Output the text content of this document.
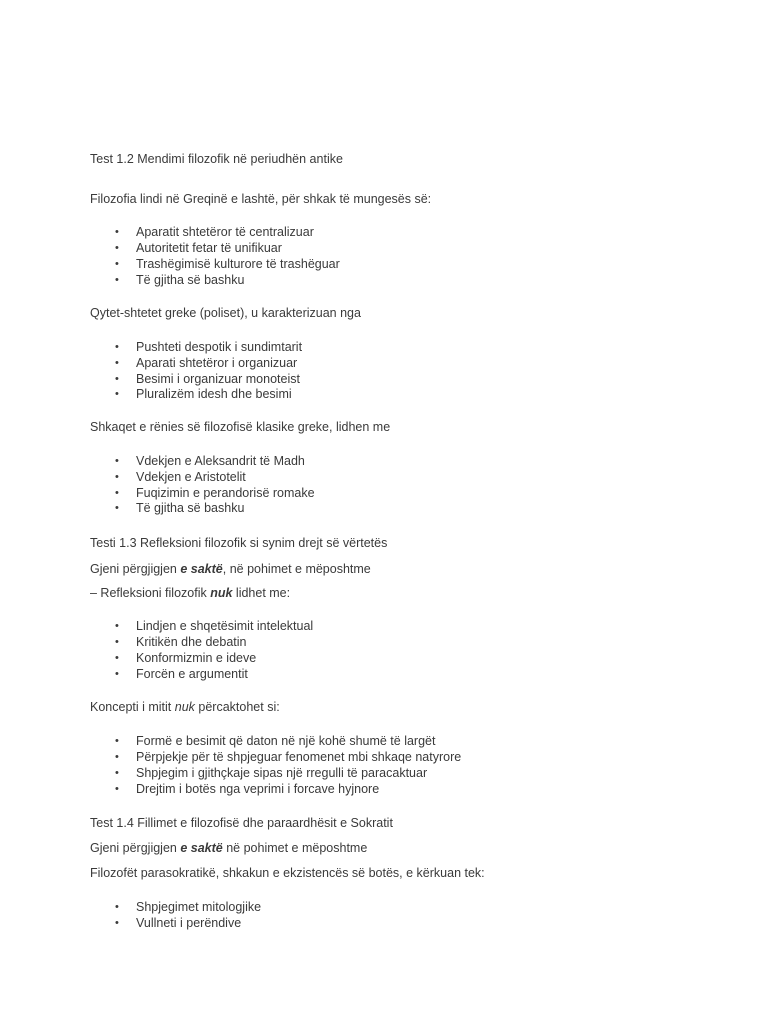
Test 1.2 Mendimi filozofik në periudhën antike
Filozofia lindi në Greqinë e lashtë, për shkak të mungesës së:
• Aparatit shtetëror të centralizuar
• Autoritetit fetar të unifikuar
• Trashëgimisë kulturore të trashëguar
• Të gjitha së bashku
Qytet-shtetet greke (poliset), u karakterizuan nga
• Pushteti despotik i sundimtarit
• Aparati shtetëror i organizuar
• Besimi i organizuar monoteist
• Pluralizëm idesh dhe besimi
Shkaqet e rënies së filozofisë klasike greke, lidhen me
• Vdekjen e Aleksandrit të Madh
• Vdekjen e Aristotelit
• Fuqizimin e perandorisë romake
• Të gjitha së bashku
Testi 1.3 Refleksioni filozofik si synim drejt së vërtetës
Gjeni përgjigjen e saktë, në pohimet e mëposhtme
– Refleksioni filozofik nuk lidhet me:
• Lindjen e shqetësimit intelektual
• Kritikën dhe debatin
• Konformizmin e ideve
• Forcën e argumentit
Koncepti i mitit nuk përcaktohet si:
• Formë e besimit që daton në një kohë shumë të largët
• Përpjekje për të shpjeguar fenomenet mbi shkaqe natyrore
• Shpjegim i gjithçkaje sipas një rregulli të paracaktuar
• Drejtim i botës nga veprimi i forcave hyjnore
Test 1.4 Fillimet e filozofisë dhe paraardhësit e Sokratit
Gjeni përgjigjen e saktë në pohimet e mëposhtme
Filozofët parasokratikë, shkakun e ekzistencës së botës, e kërkuan tek:
• Shpjegimet mitologjike
• Vullneti i perëndive
